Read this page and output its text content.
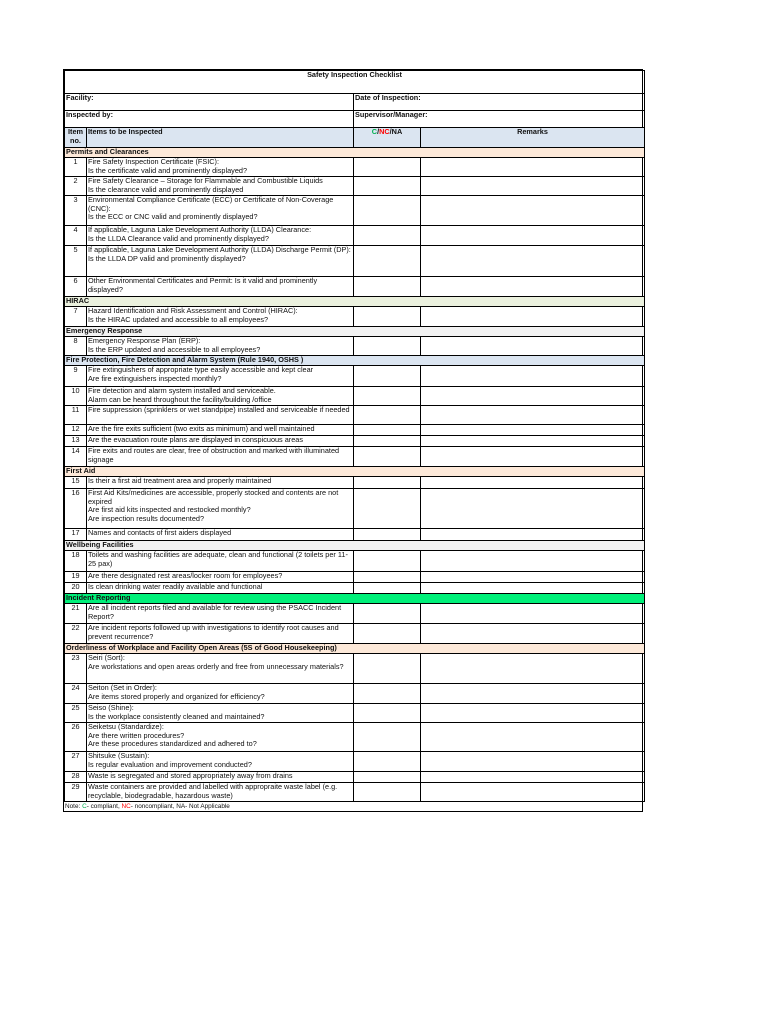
Safety Inspection Checklist			
Facility:		Date of Inspection:	
Inspected by:		Supervisor/Manager:	
Item no.	Items to be Inspected	C/NC/NA	Remarks
Permits and Clearances			
1	Fire Safety Inspection Certificate (FSIC):
Is the certificate valid and prominently displayed?		
2	Fire Safety Clearance – Storage for Flammable and Combustible Liquids
Is the clearance valid and prominently displayed		
3	Environmental Compliance Certificate (ECC) or Certificate of Non-Coverage (CNC):
Is the ECC or CNC valid and prominently displayed?		
4	If applicable, Laguna Lake Development Authority (LLDA) Clearance:
Is the LLDA Clearance valid and prominently displayed?		
5	If applicable, Laguna Lake Development Authority (LLDA) Discharge Permit (DP):
Is the LLDA DP valid and prominently displayed?		
6	Other Environmental Certificates and Permit: Is it valid and prominently displayed?		
HIRAC			
7	Hazard Identification and Risk Assessment and Control (HIRAC):
Is the HIRAC updated and accessible to all employees?		
Emergency Response			
8	Emergency Response Plan (ERP):
Is the ERP updated and accessible to all employees?		
Fire Protection, Fire Detection and Alarm System (Rule 1940, OSHS )			
9	Fire extinguishers of appropriate type easily accessible and kept clear
Are fire extinguishers inspected monthly?		
10	Fire detection and alarm system installed and serviceable.
Alarm can be heard throughout the facility/building /office		
11	Fire suppression (sprinklers or wet standpipe) installed and serviceable if needed		
12	Are the fire exits sufficient (two exits as minimum) and well maintained		
13	Are the evacuation route plans are displayed in conspicuous areas		
14	Fire exits and routes are clear, free of obstruction and marked with illuminated signage		
First Aid			
15	Is their a first aid treatment area and properly maintained		
16	First Aid Kits/medicines are accessible, properly stocked and contents are not expired
Are first aid kits inspected and restocked monthly?
Are inspection results documented?		
17	Names and contacts of first aiders displayed		
Wellbeing Facilities			
18	Toilets and washing facilities are adequate, clean and functional (2 toilets per 11-25 pax)		
19	Are there designated rest areas/locker room for employees?		
20	Is clean drinking water readily available and functional		
Incident Reporting			
21	Are all incident reports filed and available for review using the PSACC Incident Report?		
22	Are incident reports followed up with investigations to identify root causes and prevent recurrence?		
Orderliness of Workplace and Facility Open Areas (5S of Good Housekeeping)			
23	Seiri (Sort):
Are workstations and open areas orderly and free from unnecessary materials?		
24	Seiton (Set in Order):
Are items stored properly and organized for efficiency?		
25	Seiso (Shine):
Is the workplace consistently cleaned and maintained?		
26	Seiketsu (Standardize):
Are there written procedures?
Are these procedures standardized and adhered to?		
27	Shitsuke (Sustain):
Is regular evaluation and improvement conducted?		
28	Waste is segregated and stored appropriately away from drains		
29	Waste containers are provided and labelled with appropraite waste label (e.g. recyclable, biodegradable, hazardous waste)		
Note: C- compliant, NC- noncompliant, NA- Not Applicable
